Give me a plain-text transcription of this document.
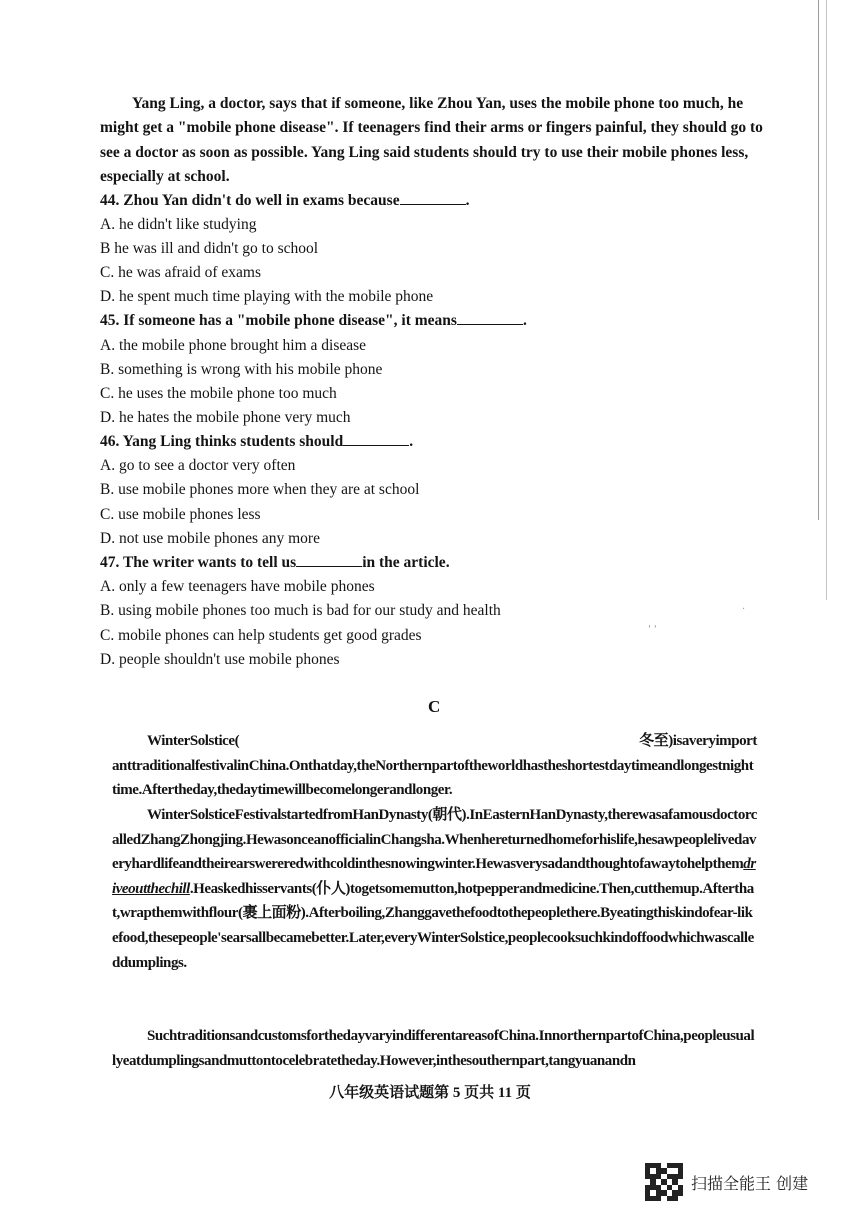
Yang Ling, a doctor, says that if someone, like Zhou Yan, uses the mobile phone too much, he might get a "mobile phone disease". If teenagers find their arms or fingers painful, they should go to see a doctor as soon as possible. Yang Ling said students should try to use their mobile phones less, especially at school.

44. Zhou Yan didn't do well in exams because	.
A. he didn't like studying
B he was ill and didn't go to school
C. he was afraid of exams
D. he spent much time playing with the mobile phone
45. If someone has a "mobile phone disease", it means	.
A. the mobile phone brought him a disease
B. something is wrong with his mobile phone
C. he uses the mobile phone too much
D. he hates the mobile phone very much
46. Yang Ling thinks students should	.
A. go to see a doctor very often
B. use mobile phones more when they are at school
C. use mobile phones less
D. not use mobile phones any more
47. The writer wants to tell us	in the article.
A. only a few teenagers have mobile phones
B. using mobile phones too much is bad for our study and health
C. mobile phones can help students get good grades
D. people shouldn't use mobile phones
' '
·
C

WinterSolstice(	冬至)isaveryimportanttraditionalfestivalinChina.Onthatday,theNorthernpartoftheworldhastheshortestdaytimeandlongestnighttime.Aftertheday,thedaytimewillbecomelongerandlonger.

WinterSolsticeFestivalstartedfromHanDynasty(朝代).InEasternHanDynasty,therewasafamousdoctorcalledZhangZhongjing.HewasonceanofficialinChangsha.Whenhereturnedhomeforhislife,hesawpeoplelivedaveryhardlifeandtheirearswereredwithcoldinthesnowingwinter.Hewasverysadandthoughtofawaytohelpthemdriveoutthechill.Heaskedhisservants(仆人)togetsomemutton,hotpepperandmedicine.Then,cutthemup.Afterthat,wrapthemwithflour(裹上面粉).Afterboiling,Zhanggavethefoodtothepeoplethere.Byeatingthiskindofear-likefood,thesepeople'searsallbecamebetter.Later,everyWinterSolstice,peoplecooksuchkindoffoodwhichwascalleddumplings.

SuchtraditionsandcustomsforthedayvaryindifferentareasofChina.InnorthernpartofChina,peopleusuallyeatdumplingsandmuttontocelebratetheday.However,inthesouthernpart,tangyuanandn

八年级英语试题第 5 页共 11 页
扫描全能王 创建
